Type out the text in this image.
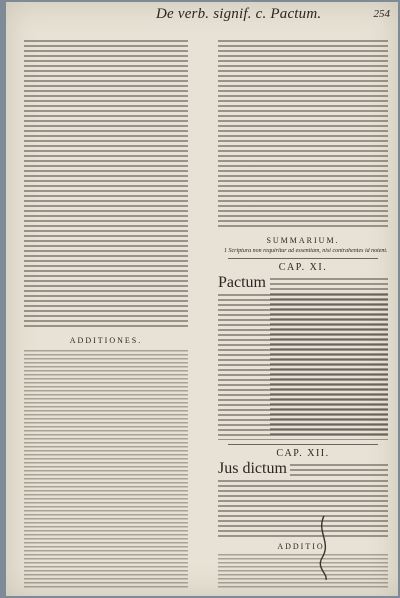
De verb. signif. c. Pactum.	254
ADDITIONES.
SUMMARIUM.
1 Scriptura non requiritur ad essentiam, nisi contrahentes id notent.
CAP. XI.
Pactum
CAP. XII.
Jus dictum
ADDITIO.
